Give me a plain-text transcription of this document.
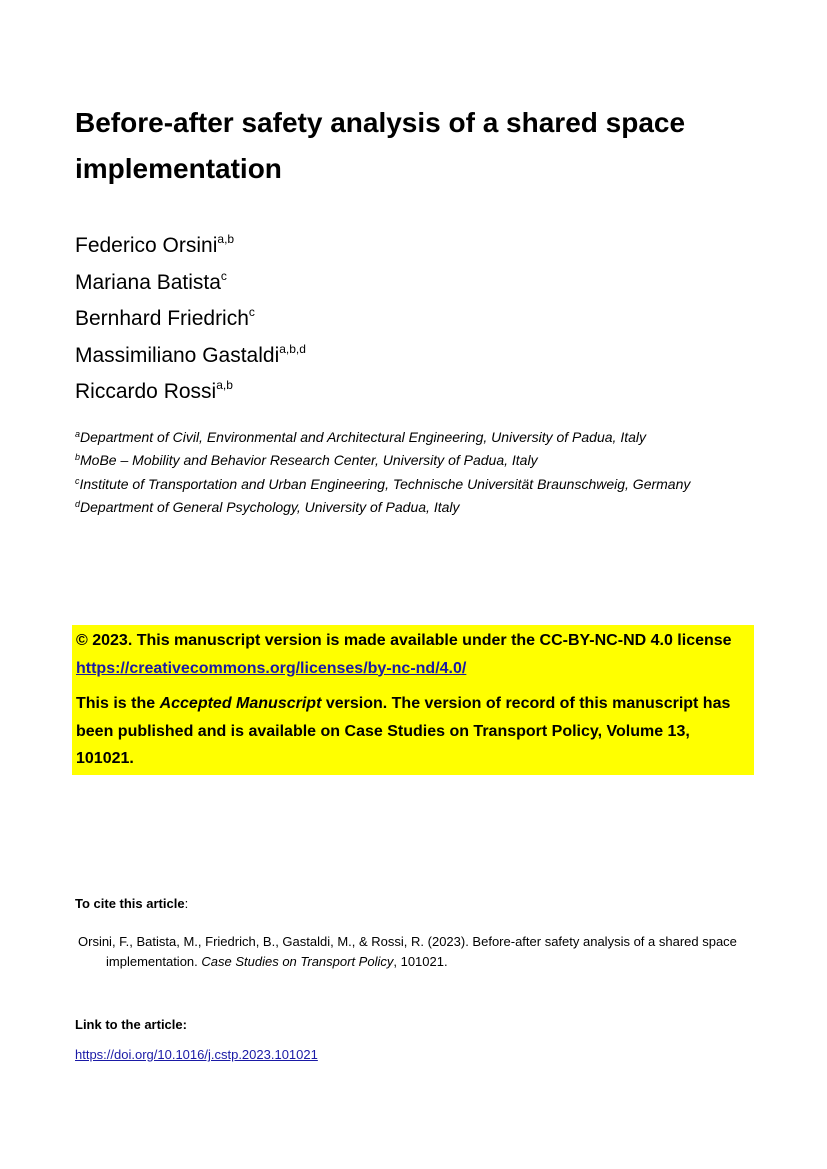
Before-after safety analysis of a shared space implementation
Federico Orsini$^{a,b}$
Mariana Batista$^c$
Bernhard Friedrich$^c$
Massimiliano Gastaldi$^{a,b,d}$
Riccardo Rossi$^{a,b}$
$^a$Department of Civil, Environmental and Architectural Engineering, University of Padua, Italy
$^b$MoBe – Mobility and Behavior Research Center, University of Padua, Italy
$^c$Institute of Transportation and Urban Engineering, Technische Universität Braunschweig, Germany
$^d$Department of General Psychology, University of Padua, Italy

© 2023. This manuscript version is made available under the CC-BY-NC-ND 4.0 license https://creativecommons.org/licenses/by-nc-nd/4.0/

This is the Accepted Manuscript version. The version of record of this manuscript has been published and is available on Case Studies on Transport Policy, Volume 13, 101021.

To cite this article:

Orsini, F., Batista, M., Friedrich, B., Gastaldi, M., & Rossi, R. (2023). Before-after safety analysis of a shared space implementation. Case Studies on Transport Policy, 101021.

Link to the article:

https://doi.org/10.1016/j.cstp.2023.101021
